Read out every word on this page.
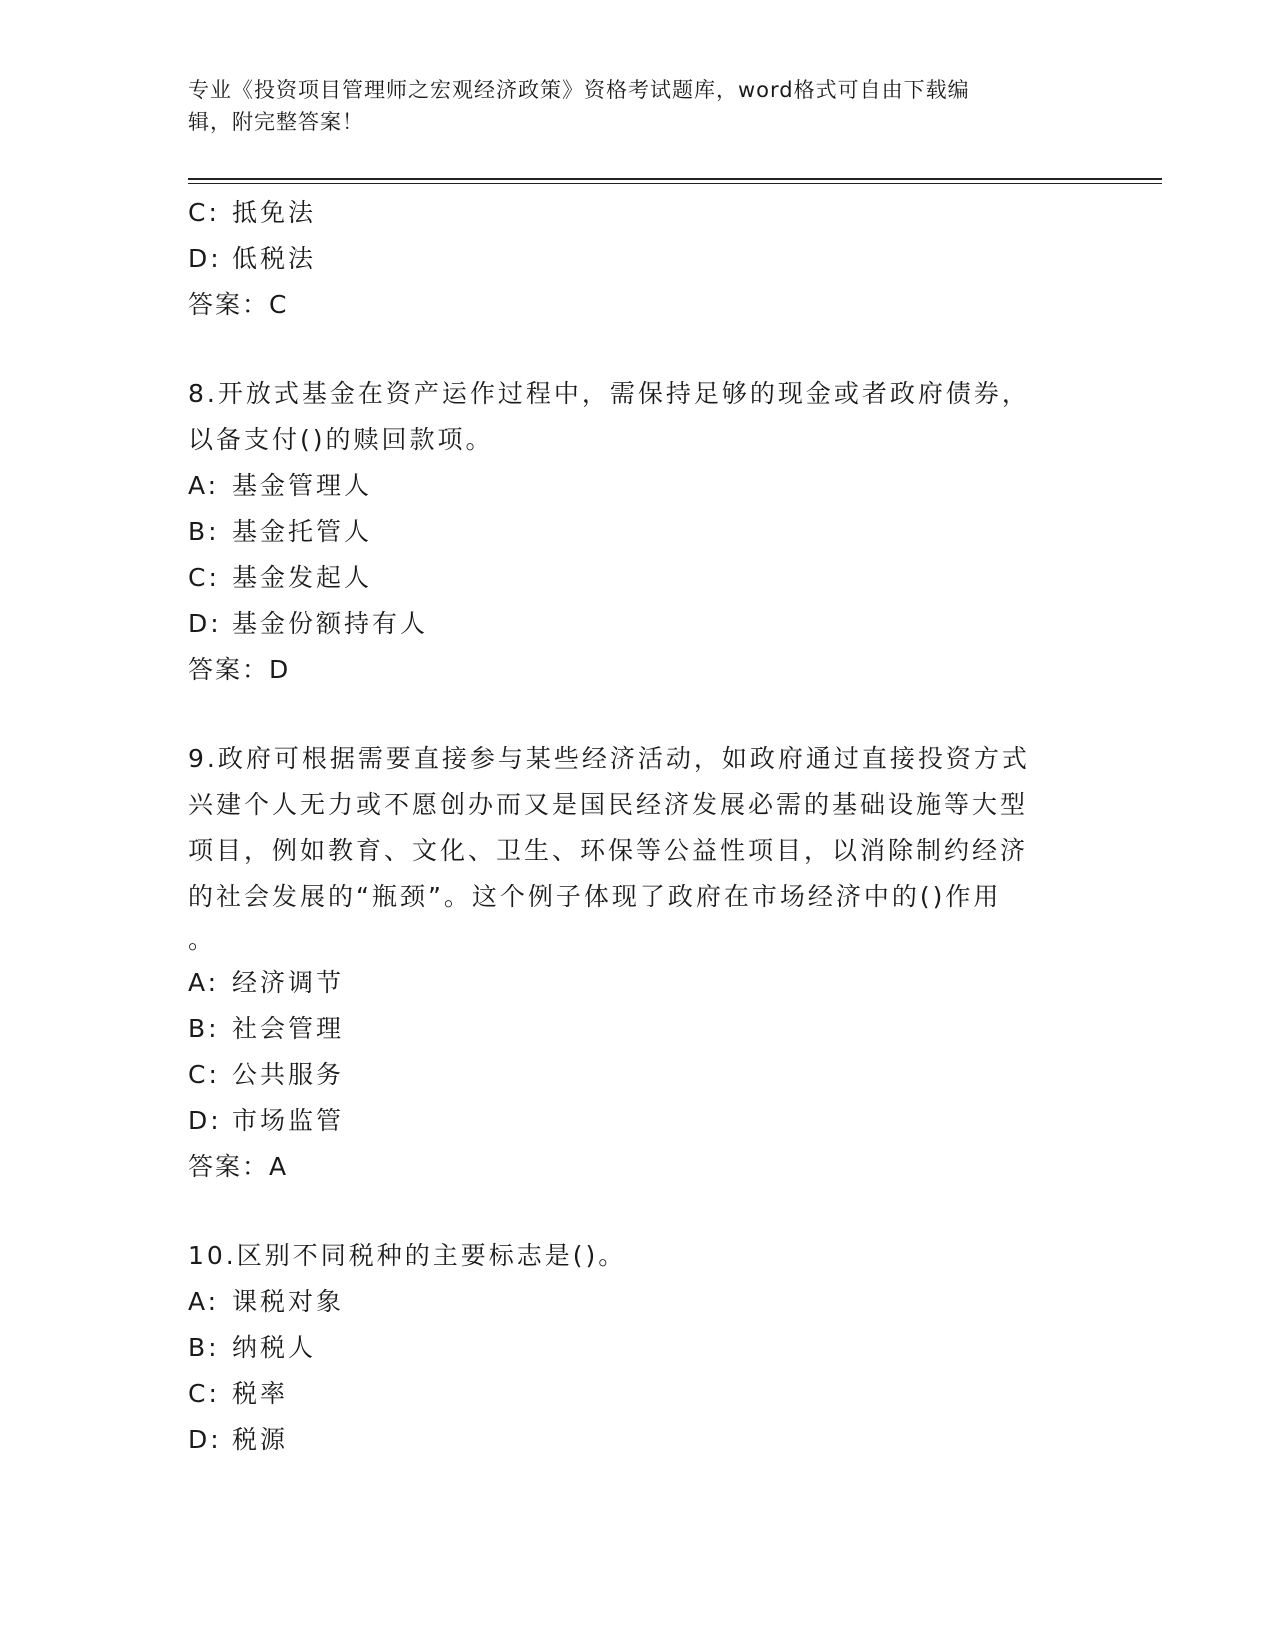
专业《投资项目管理师之宏观经济政策》资格考试题库，word格式可自由下载编
辑，附完整答案！
C: 抵免法
D: 低税法
答案：C
8.开放式基金在资产运作过程中，需保持足够的现金或者政府债券，
以备支付()的赎回款项。
A: 基金管理人
B: 基金托管人
C: 基金发起人
D: 基金份额持有人
答案：D
9.政府可根据需要直接参与某些经济活动，如政府通过直接投资方式
兴建个人无力或不愿创办而又是国民经济发展必需的基础设施等大型
项目，例如教育、文化、卫生、环保等公益性项目，以消除制约经济
的社会发展的“瓶颈”。这个例子体现了政府在市场经济中的()作用
。
A: 经济调节
B: 社会管理
C: 公共服务
D: 市场监管
答案：A
10.区别不同税种的主要标志是()。
A: 课税对象
B: 纳税人
C: 税率
D: 税源
